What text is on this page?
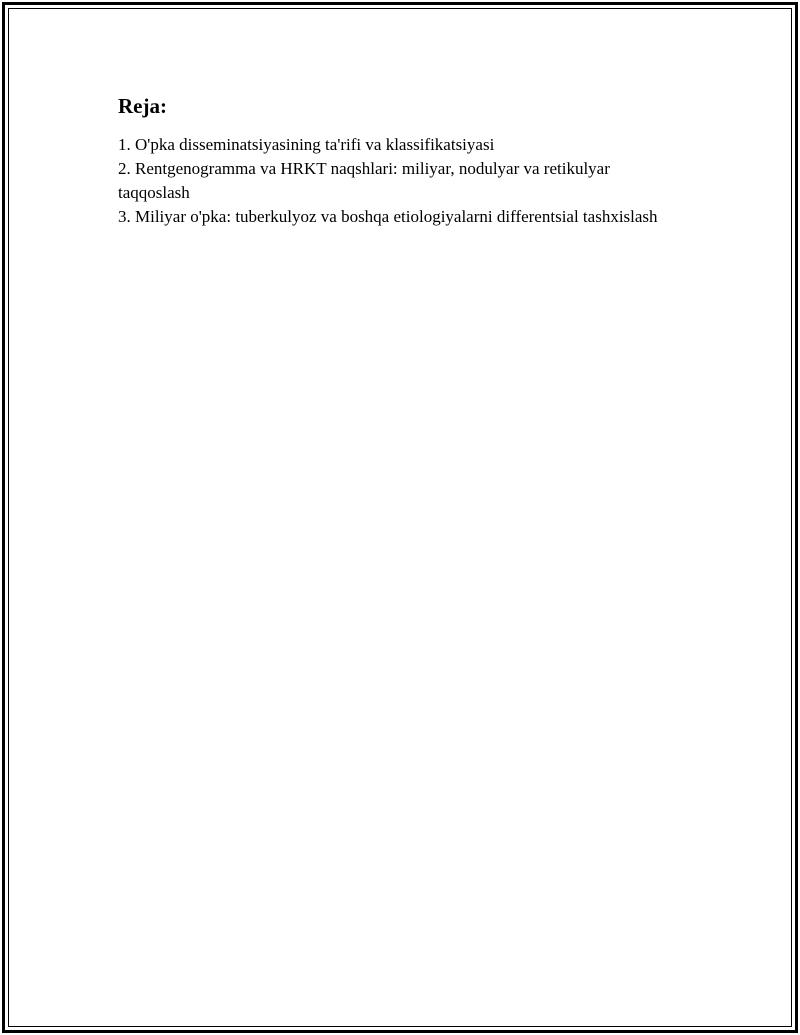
Reja:
1. O'pka disseminatsiyasining ta'rifi va klassifikatsiyasi
2. Rentgenogramma va HRKT naqshlari: miliyar, nodulyar va retikulyar taqqoslash
3. Miliyar o'pka: tuberkulyoz va boshqa etiologiyalarni differentsial tashxislash
